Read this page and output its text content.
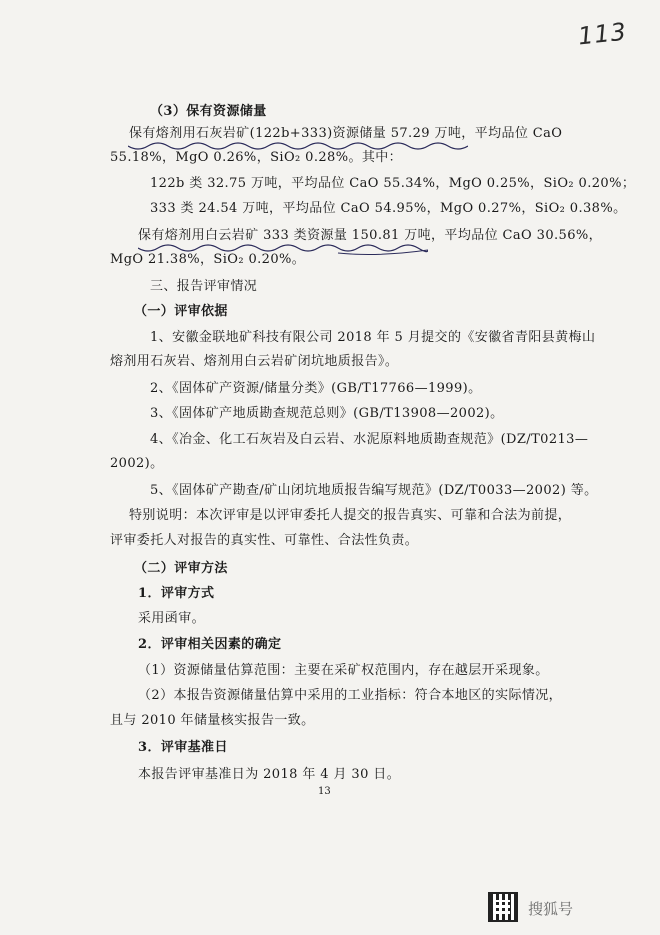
113
（3）保有资源储量
保有熔剂用石灰岩矿(122b+333)资源储量 57.29 万吨，平均品位 CaO
55.18%，MgO 0.26%，SiO₂ 0.28%。其中：
122b 类 32.75 万吨，平均品位 CaO 55.34%，MgO 0.25%，SiO₂ 0.20%；
333 类 24.54 万吨，平均品位 CaO 54.95%，MgO 0.27%，SiO₂ 0.38%。
保有熔剂用白云岩矿 333 类资源量 150.81 万吨，平均品位 CaO 30.56%，
MgO 21.38%，SiO₂ 0.20%。
三、报告评审情况
（一）评审依据
1、安徽金联地矿科技有限公司 2018 年 5 月提交的《安徽省青阳县黄梅山
熔剂用石灰岩、熔剂用白云岩矿闭坑地质报告》。
2、《固体矿产资源/储量分类》(GB/T17766—1999)。
3、《固体矿产地质勘查规范总则》(GB/T13908—2002)。
4、《冶金、化工石灰岩及白云岩、水泥原料地质勘查规范》(DZ/T0213—
2002)。
5、《固体矿产勘查/矿山闭坑地质报告编写规范》(DZ/T0033—2002) 等。
特别说明：本次评审是以评审委托人提交的报告真实、可靠和合法为前提，
评审委托人对报告的真实性、可靠性、合法性负责。
（二）评审方法
1．评审方式
采用函审。
2．评审相关因素的确定
（1）资源储量估算范围：主要在采矿权范围内，存在越层开采现象。
（2）本报告资源储量估算中采用的工业指标：符合本地区的实际情况，
且与 2010 年储量核实报告一致。
3．评审基准日
本报告评审基准日为 2018 年 4 月 30 日。
13
搜狐号
